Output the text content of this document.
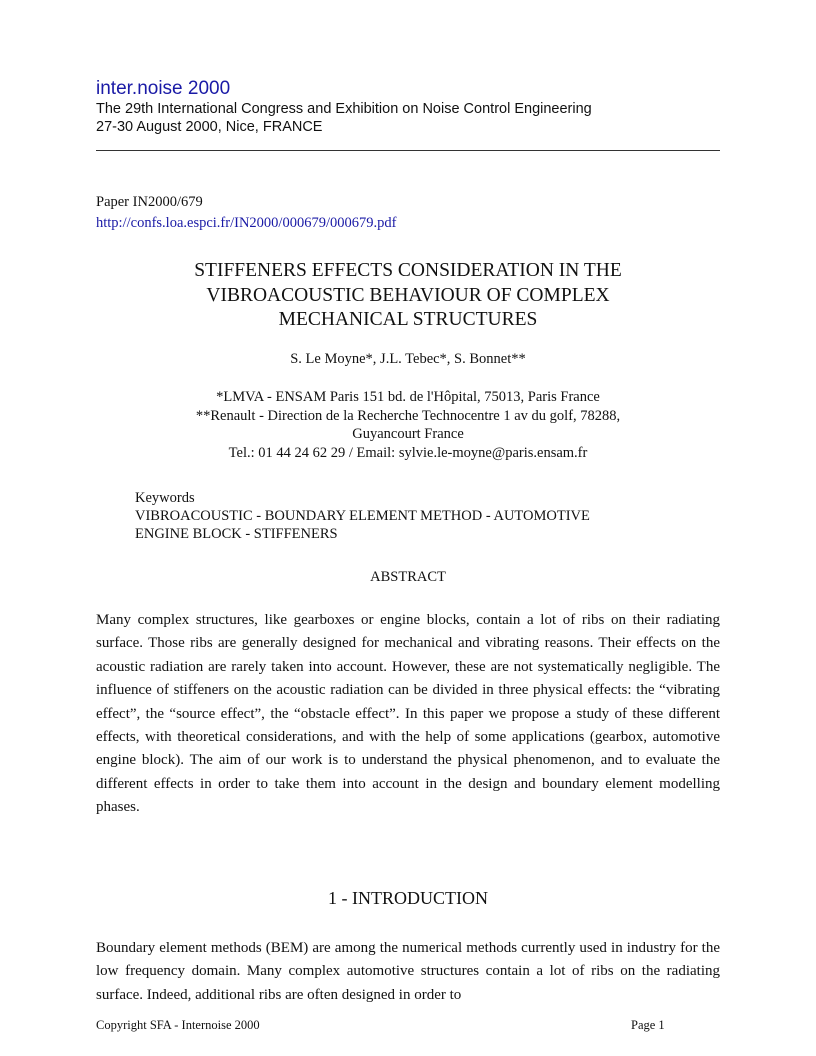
inter.noise 2000
The 29th International Congress and Exhibition on Noise Control Engineering
27-30 August 2000, Nice, FRANCE
Paper IN2000/679
http://confs.loa.espci.fr/IN2000/000679/000679.pdf
STIFFENERS EFFECTS CONSIDERATION IN THE
VIBROACOUSTIC BEHAVIOUR OF COMPLEX
MECHANICAL STRUCTURES
S. Le Moyne*, J.L. Tebec*, S. Bonnet**
*LMVA - ENSAM Paris 151 bd. de l'Hôpital, 75013, Paris France
**Renault - Direction de la Recherche Technocentre 1 av du golf, 78288,
Guyancourt France
Tel.: 01 44 24 62 29 / Email: sylvie.le-moyne@paris.ensam.fr
Keywords
VIBROACOUSTIC - BOUNDARY ELEMENT METHOD - AUTOMOTIVE
ENGINE BLOCK - STIFFENERS
ABSTRACT

Many complex structures, like gearboxes or engine blocks, contain a lot of ribs on their radiating surface. Those ribs are generally designed for mechanical and vibrating reasons. Their effects on the acoustic radiation are rarely taken into account. However, these are not systematically negligible. The influence of stiffeners on the acoustic radiation can be divided in three physical effects: the “vibrating effect”, the “source effect”, the “obstacle effect”. In this paper we propose a study of these different effects, with theoretical considerations, and with the help of some applications (gearbox, automotive engine block). The aim of our work is to understand the physical phenomenon, and to evaluate the different effects in order to take them into account in the design and boundary element modelling phases.

1 - INTRODUCTION

Boundary element methods (BEM) are among the numerical methods currently used in industry for the low frequency domain. Many complex automotive structures contain a lot of ribs on the radiating surface. Indeed, additional ribs are often designed in order to

Copyright SFA - Internoise 2000	Page 1
